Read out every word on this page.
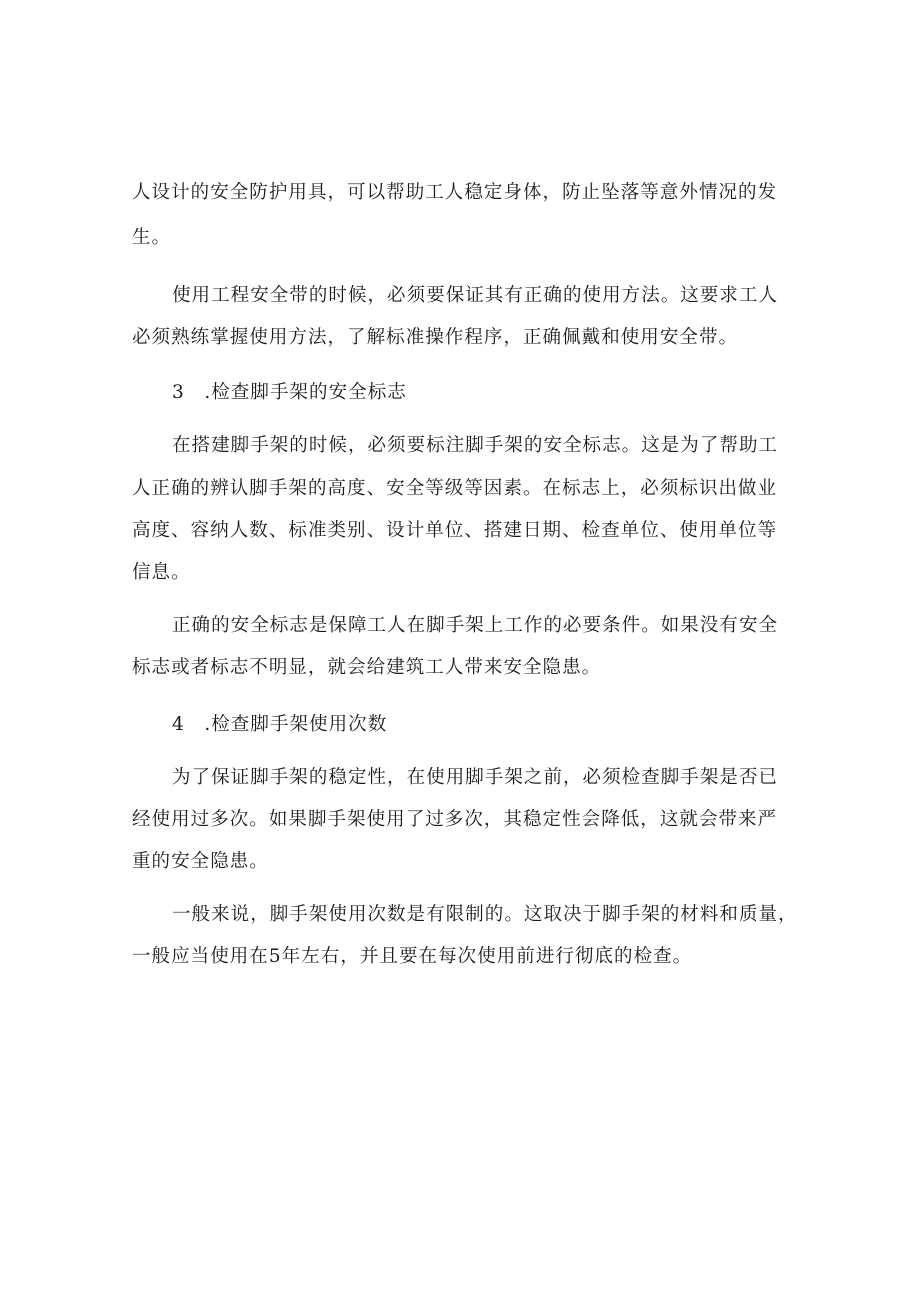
人设计的安全防护用具，可以帮助工人稳定身体，防止坠落等意外情况的发
生。
使用工程安全带的时候，必须要保证其有正确的使用方法。这要求工人
必须熟练掌握使用方法，了解标准操作程序，正确佩戴和使用安全带。
3　.检查脚手架的安全标志
在搭建脚手架的时候，必须要标注脚手架的安全标志。这是为了帮助工
人正确的辨认脚手架的高度、安全等级等因素。在标志上，必须标识出做业
高度、容纳人数、标准类别、设计单位、搭建日期、检查单位、使用单位等
信息。
正确的安全标志是保障工人在脚手架上工作的必要条件。如果没有安全
标志或者标志不明显，就会给建筑工人带来安全隐患。
4　.检查脚手架使用次数
为了保证脚手架的稳定性，在使用脚手架之前，必须检查脚手架是否已
经使用过多次。如果脚手架使用了过多次，其稳定性会降低，这就会带来严
重的安全隐患。
一般来说，脚手架使用次数是有限制的。这取决于脚手架的材料和质量，
一般应当使用在5年左右，并且要在每次使用前进行彻底的检查。
